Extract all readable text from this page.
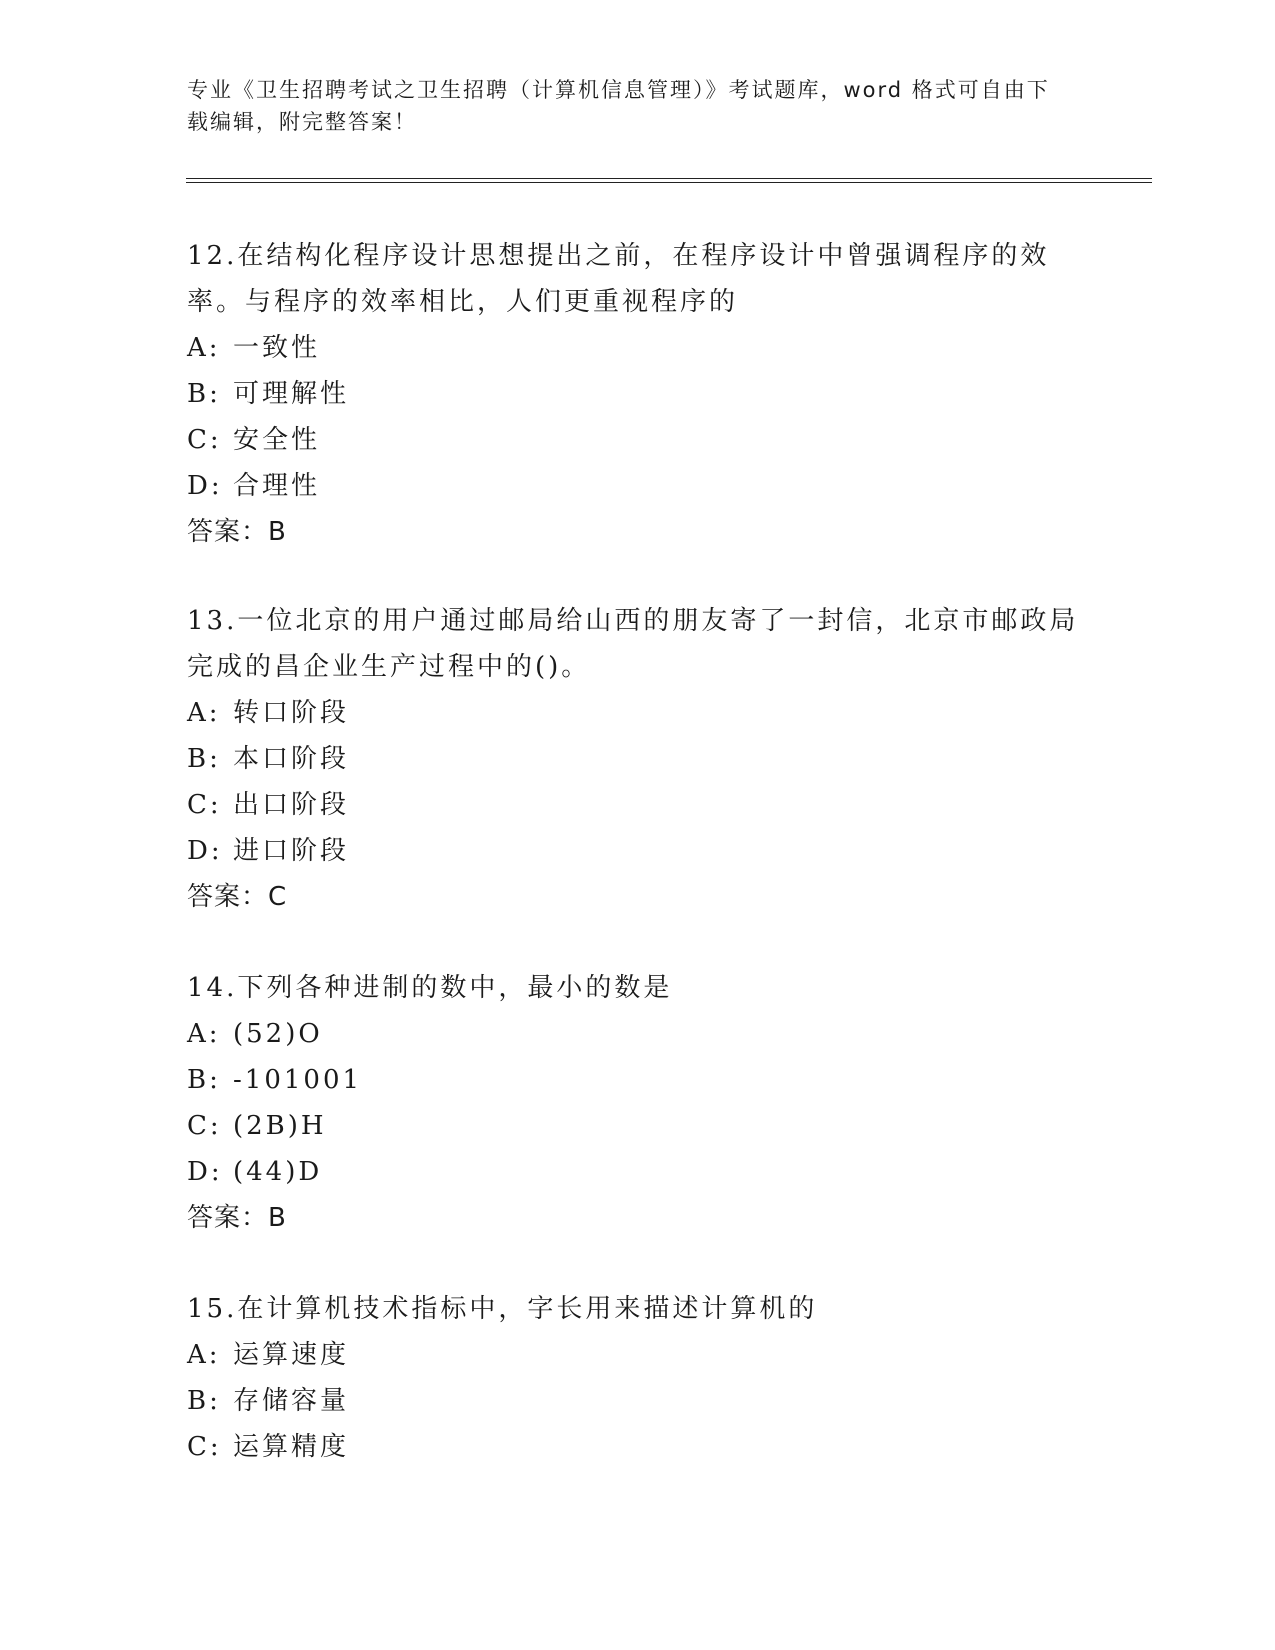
专业《卫生招聘考试之卫生招聘（计算机信息管理）》考试题库，word 格式可自由下载编辑，附完整答案！

12.在结构化程序设计思想提出之前，在程序设计中曾强调程序的效率。与程序的效率相比，人们更重视程序的

A: 一致性

B: 可理解性

C: 安全性

D: 合理性

答案：B

13.一位北京的用户通过邮局给山西的朋友寄了一封信，北京市邮政局完成的昌企业生产过程中的()。

A: 转口阶段

B: 本口阶段

C: 出口阶段

D: 进口阶段

答案：C

14.下列各种进制的数中，最小的数是

A: (52)O

B: -101001

C: (2B)H

D: (44)D

答案：B

15.在计算机技术指标中，字长用来描述计算机的

A: 运算速度

B: 存储容量

C: 运算精度
